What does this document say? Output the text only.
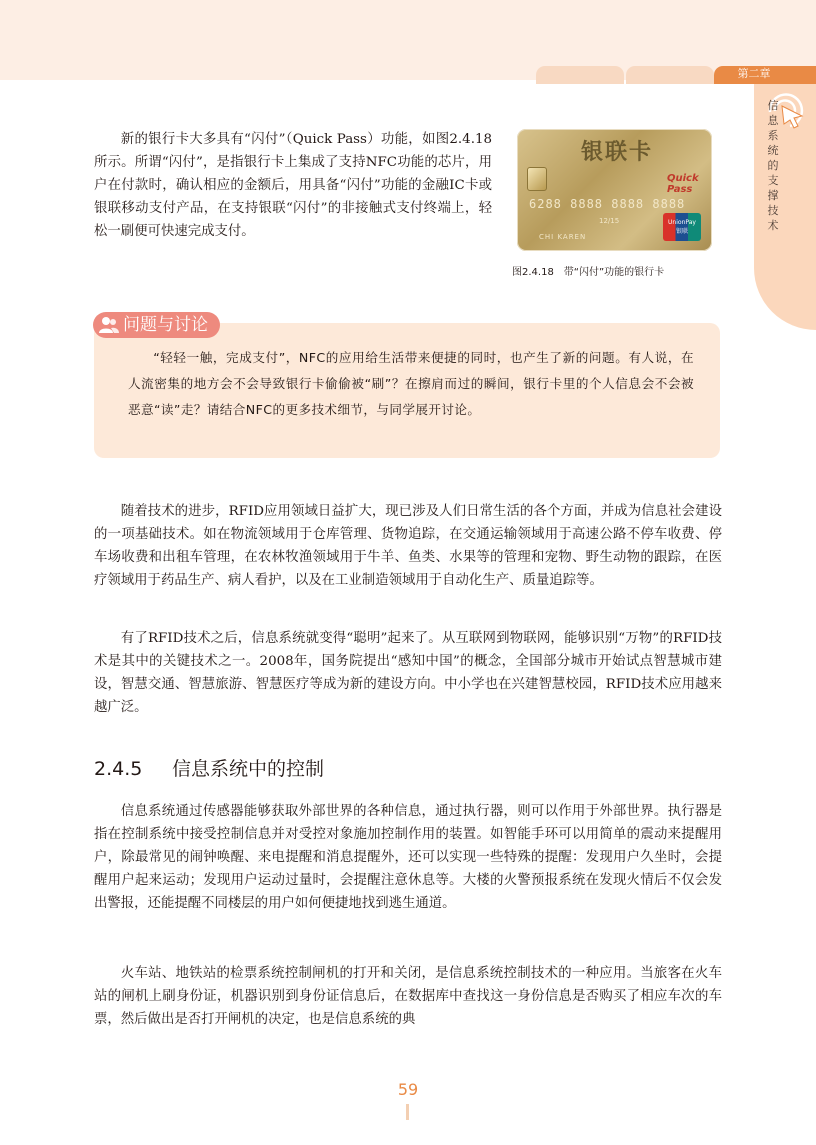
第二章
信息系统的支撑技术

新的银行卡大多具有“闪付”（Quick Pass）功能，如图2.4.18所示。所谓“闪付”，是指银行卡上集成了支持NFC功能的芯片，用户在付款时，确认相应的金额后，用具备“闪付”功能的金融IC卡或银联移动支付产品，在支持银联“闪付”的非接触式支付终端上，轻松一刷便可快速完成支付。

银联卡
Quick Pass
6288 8888 8888 8888
12/15
CHI KAREN
UnionPay
银联
图2.4.18　带“闪付”功能的银行卡
问题与讨论

“轻轻一触，完成支付”，NFC的应用给生活带来便捷的同时，也产生了新的问题。有人说，在人流密集的地方会不会导致银行卡偷偷被“刷”？在擦肩而过的瞬间，银行卡里的个人信息会不会被恶意“读”走？请结合NFC的更多技术细节，与同学展开讨论。

随着技术的进步，RFID应用领域日益扩大，现已涉及人们日常生活的各个方面，并成为信息社会建设的一项基础技术。如在物流领域用于仓库管理、货物追踪，在交通运输领域用于高速公路不停车收费、停车场收费和出租车管理，在农林牧渔领域用于牛羊、鱼类、水果等的管理和宠物、野生动物的跟踪，在医疗领域用于药品生产、病人看护，以及在工业制造领域用于自动化生产、质量追踪等。

有了RFID技术之后，信息系统就变得“聪明”起来了。从互联网到物联网，能够识别“万物”的RFID技术是其中的关键技术之一。2008年，国务院提出“感知中国”的概念，全国部分城市开始试点智慧城市建设，智慧交通、智慧旅游、智慧医疗等成为新的建设方向。中小学也在兴建智慧校园，RFID技术应用越来越广泛。

2.4.5 信息系统中的控制

信息系统通过传感器能够获取外部世界的各种信息，通过执行器，则可以作用于外部世界。执行器是指在控制系统中接受控制信息并对受控对象施加控制作用的装置。如智能手环可以用简单的震动来提醒用户，除最常见的闹钟唤醒、来电提醒和消息提醒外，还可以实现一些特殊的提醒：发现用户久坐时，会提醒用户起来运动；发现用户运动过量时，会提醒注意休息等。大楼的火警预报系统在发现火情后不仅会发出警报，还能提醒不同楼层的用户如何便捷地找到逃生通道。

火车站、地铁站的检票系统控制闸机的打开和关闭，是信息系统控制技术的一种应用。当旅客在火车站的闸机上刷身份证，机器识别到身份证信息后，在数据库中查找这一身份信息是否购买了相应车次的车票，然后做出是否打开闸机的决定，也是信息系统的典

59
